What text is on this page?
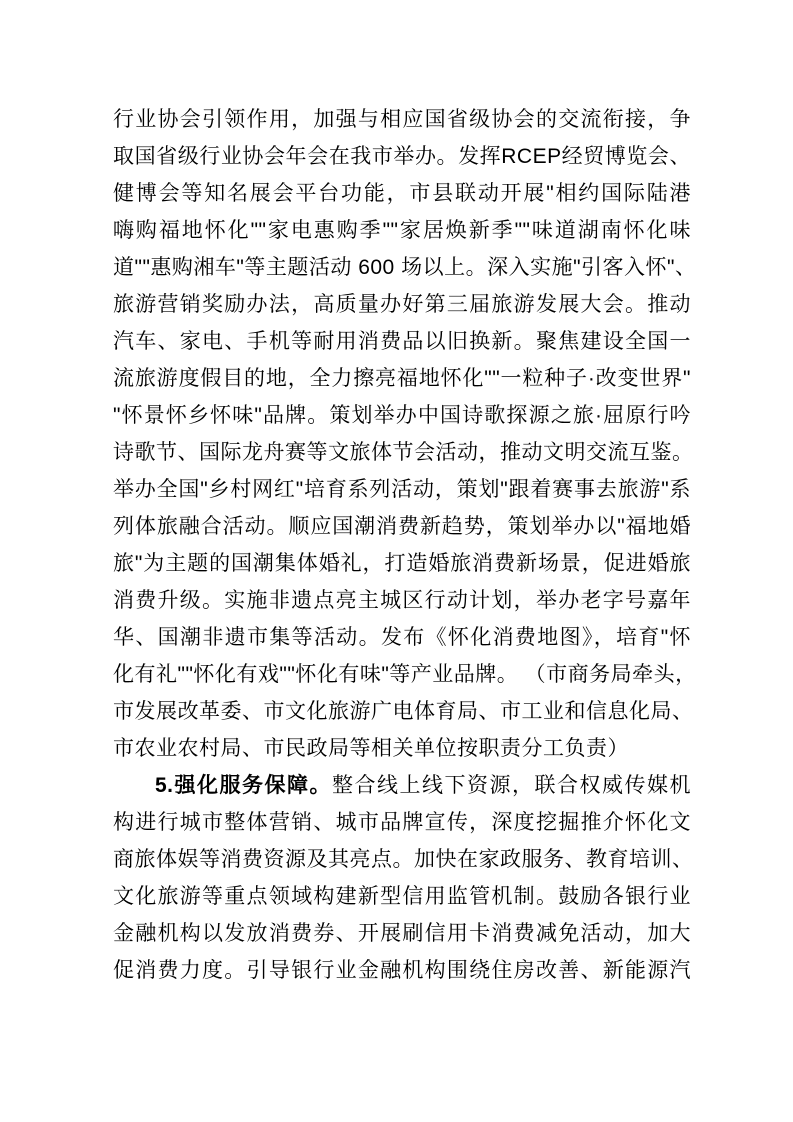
行业协会引领作用，加强与相应国省级协会的交流衔接，争
取国省级行业协会年会在我市举办。发挥RCEP经贸博览会、
健博会等知名展会平台功能，市县联动开展"相约国际陆港
嗨购福地怀化""家电惠购季""家居焕新季""味道湖南怀化味
道""惠购湘车"等主题活动 600 场以上。深入实施"引客入怀"、
旅游营销奖励办法，高质量办好第三届旅游发展大会。推动
汽车、家电、手机等耐用消费品以旧换新。聚焦建设全国一
流旅游度假目的地，全力擦亮福地怀化""一粒种子·改变世界"
"怀景怀乡怀味"品牌。策划举办中国诗歌探源之旅·屈原行吟
诗歌节、国际龙舟赛等文旅体节会活动，推动文明交流互鉴。
举办全国"乡村网红"培育系列活动，策划"跟着赛事去旅游"系
列体旅融合活动。顺应国潮消费新趋势，策划举办以"福地婚
旅"为主题的国潮集体婚礼，打造婚旅消费新场景，促进婚旅
消费升级。实施非遗点亮主城区行动计划，举办老字号嘉年
华、国潮非遗市集等活动。发布《怀化消费地图》，培育"怀
化有礼""怀化有戏""怀化有味"等产业品牌。 （市商务局牵头，
市发展改革委、市文化旅游广电体育局、市工业和信息化局、
市农业农村局、市民政局等相关单位按职责分工负责）
5.强化服务保障。整合线上线下资源，联合权威传媒机
构进行城市整体营销、城市品牌宣传，深度挖掘推介怀化文
商旅体娱等消费资源及其亮点。加快在家政服务、教育培训、
文化旅游等重点领域构建新型信用监管机制。鼓励各银行业
金融机构以发放消费券、开展刷信用卡消费减免活动，加大
促消费力度。引导银行业金融机构围绕住房改善、新能源汽
